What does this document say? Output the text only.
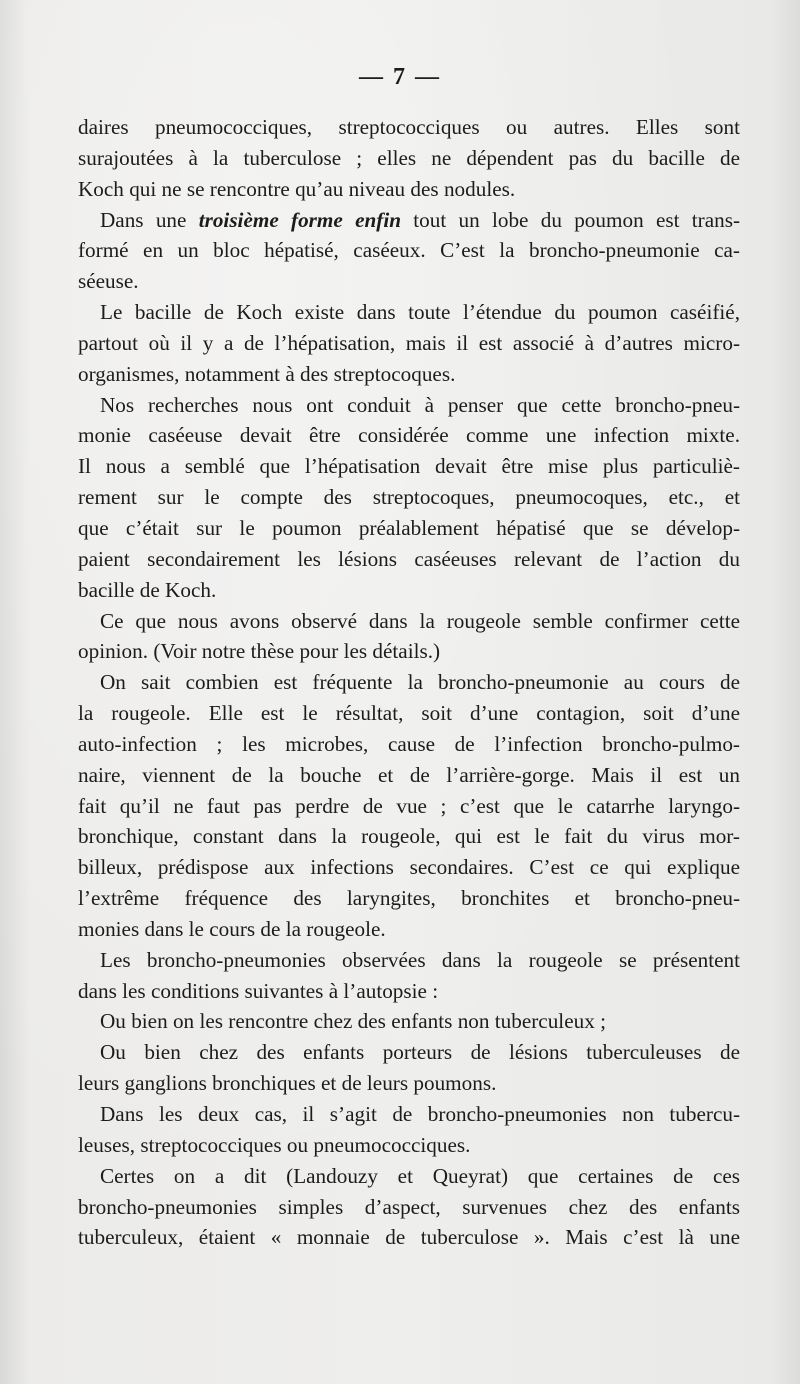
— 7 —
daires pneumococciques, streptococciques ou autres. Elles sont
surajoutées à la tuberculose ; elles ne dépendent pas du bacille de
Koch qui ne se rencontre qu’au niveau des nodules.
Dans une troisième forme enfin tout un lobe du poumon est trans-
formé en un bloc hépatisé, caséeux. C’est la broncho-pneumonie ca-
séeuse.
Le bacille de Koch existe dans toute l’étendue du poumon caséifié,
partout où il y a de l’hépatisation, mais il est associé à d’autres micro-
organismes, notamment à des streptocoques.
Nos recherches nous ont conduit à penser que cette broncho-pneu-
monie caséeuse devait être considérée comme une infection mixte.
Il nous a semblé que l’hépatisation devait être mise plus particuliè-
rement sur le compte des streptocoques, pneumocoques, etc., et
que c’était sur le poumon préalablement hépatisé que se dévelop-
paient secondairement les lésions caséeuses relevant de l’action du
bacille de Koch.
Ce que nous avons observé dans la rougeole semble confirmer cette
opinion. (Voir notre thèse pour les détails.)
On sait combien est fréquente la broncho-pneumonie au cours de
la rougeole. Elle est le résultat, soit d’une contagion, soit d’une
auto-infection ; les microbes, cause de l’infection broncho-pulmo-
naire, viennent de la bouche et de l’arrière-gorge. Mais il est un
fait qu’il ne faut pas perdre de vue ; c’est que le catarrhe laryngo-
bronchique, constant dans la rougeole, qui est le fait du virus mor-
billeux, prédispose aux infections secondaires. C’est ce qui explique
l’extrême fréquence des laryngites, bronchites et broncho-pneu-
monies dans le cours de la rougeole.
Les broncho-pneumonies observées dans la rougeole se présentent
dans les conditions suivantes à l’autopsie :
Ou bien on les rencontre chez des enfants non tuberculeux ;
Ou bien chez des enfants porteurs de lésions tuberculeuses de
leurs ganglions bronchiques et de leurs poumons.
Dans les deux cas, il s’agit de broncho-pneumonies non tubercu-
leuses, streptococciques ou pneumococciques.
Certes on a dit (Landouzy et Queyrat) que certaines de ces
broncho-pneumonies simples d’aspect, survenues chez des enfants
tuberculeux, étaient « monnaie de tuberculose ». Mais c’est là une
